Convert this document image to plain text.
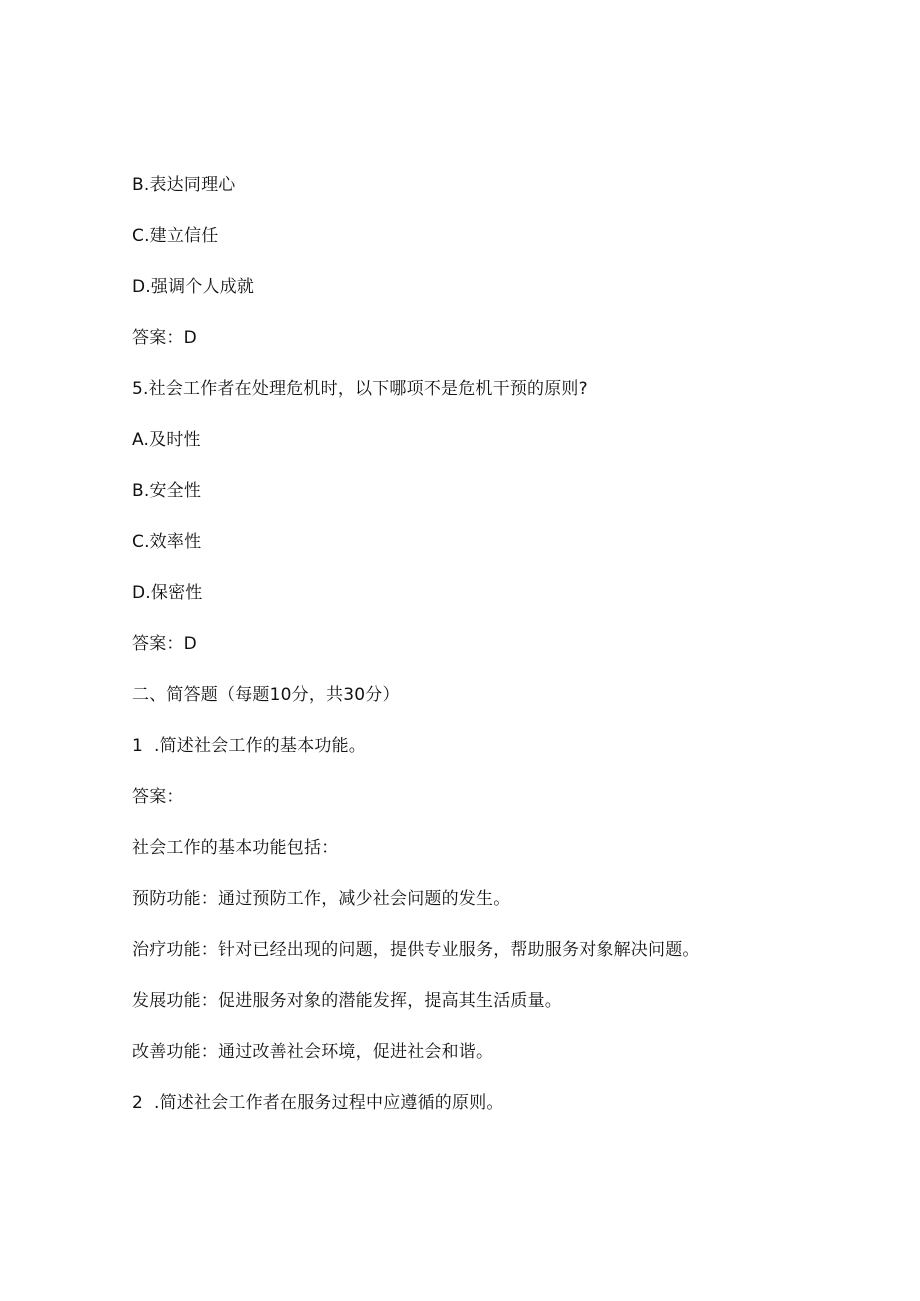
B.表达同理心
C.建立信任
D.强调个人成就
答案：D
5.社会工作者在处理危机时，以下哪项不是危机干预的原则?
A.及时性
B.安全性
C.效率性
D.保密性
答案：D
二、简答题（每题10分，共30分）
1 .简述社会工作的基本功能。
答案：
社会工作的基本功能包括：
预防功能：通过预防工作，减少社会问题的发生。
治疗功能：针对已经出现的问题，提供专业服务，帮助服务对象解决问题。
发展功能：促进服务对象的潜能发挥，提高其生活质量。
改善功能：通过改善社会环境，促进社会和谐。
2 .简述社会工作者在服务过程中应遵循的原则。
